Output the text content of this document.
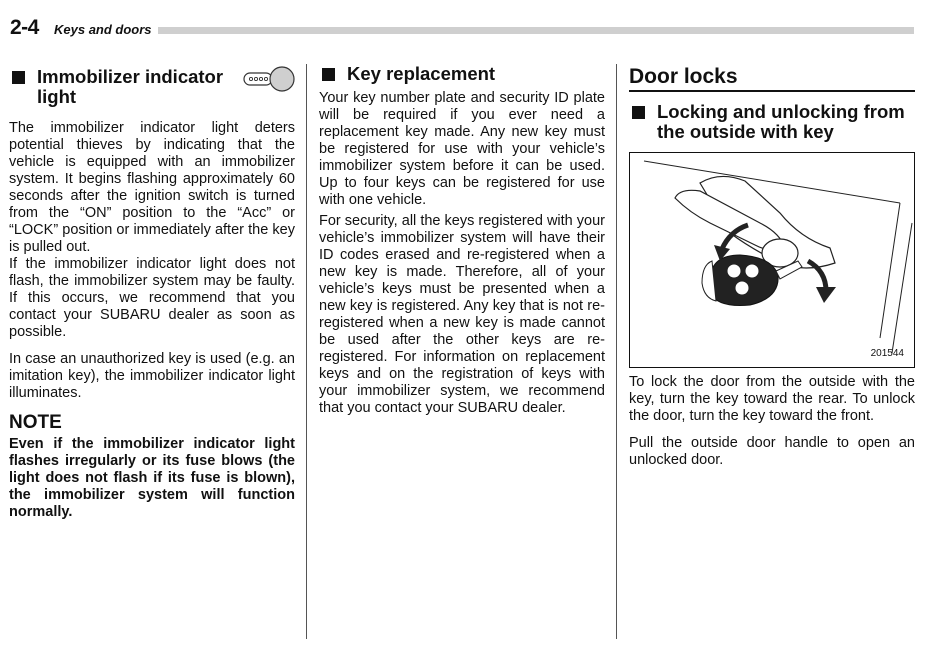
2-4 Keys and doors
Immobilizer indicator
light

The immobilizer indicator light deters potential thieves by indicating that the vehicle is equipped with an immobilizer system. It begins flashing approximately 60 seconds after the ignition switch is turned from the “ON” position to the “Acc” or “LOCK” position or immediately after the key is pulled out.

If the immobilizer indicator light does not flash, the immobilizer system may be faulty. If this occurs, we recommend that you contact your SUBARU dealer as soon as possible.

In case an unauthorized key is used (e.g. an imitation key), the immobilizer indicator light illuminates.

NOTE

Even if the immobilizer indicator light flashes irregularly or its fuse blows (the light does not flash if its fuse is blown), the immobilizer system will function normally.

Key replacement

Your key number plate and security ID plate will be required if you ever need a replacement key made. Any new key must be registered for use with your vehicle’s immobilizer system before it can be used. Up to four keys can be registered for use with one vehicle.

For security, all the keys registered with your vehicle’s immobilizer system will have their ID codes erased and re-registered when a new key is made. Therefore, all of your vehicle’s keys must be presented when a new key is registered. Any key that is not re-registered when a new key is made cannot be used after the other keys are re-registered. For information on replacement keys and on the registration of keys with your immobilizer system, we recommend that you contact your SUBARU dealer.

Door locks
Locking and unlocking from
the outside with key
201544

To lock the door from the outside with the key, turn the key toward the rear. To unlock the door, turn the key toward the front.

Pull the outside door handle to open an unlocked door.
